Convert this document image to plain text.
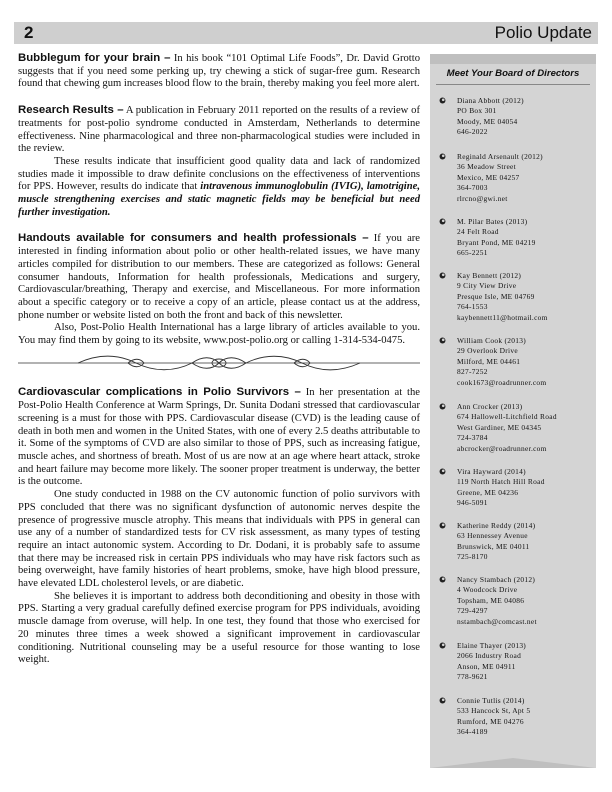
2	Polio Update

Bubblegum for your brain – In his book “101 Optimal Life Foods”, Dr. David Grotto suggests that if you need some perking up, try chewing a stick of sugar-free gum. Research found that chewing gum increases blood flow to the brain, thereby making you feel more alert.

Research Results – A publication in February 2011 reported on the results of a review of treatments for post-polio syndrome conducted in Amsterdam, Netherlands to determine effectiveness. Nine pharmacological and three non-pharmacological studies were included in the review.

These results indicate that insufficient good quality data and lack of randomized studies made it impossible to draw definite conclusions on the effectiveness of interventions for PPS. However, results do indicate that intravenous immunoglobulin (IVIG), lamotrigine, muscle strengthening exercises and static magnetic fields may be beneficial but need further investigation.

Handouts available for consumers and health professionals – If you are interested in finding information about polio or other health-related issues, we have many articles compiled for distribution to our members. These are categorized as follows: General consumer handouts, Information for health professionals, Medications and surgery, Cardiovascular/breathing, Therapy and exercise, and Miscellaneous. For more information about a specific category or to receive a copy of an article, please contact us at the address, phone number or website listed on both the front and back of this newsletter.

Also, Post-Polio Health International has a large library of articles available to you. You may find them by going to its website, www.post-polio.org or calling 1-314-534-0475.

Cardiovascular complications in Polio Survivors – In her presentation at the Post-Polio Health Conference at Warm Springs, Dr. Sunita Dodani stressed that cardiovascular screening is a must for those with PPS. Cardiovascular disease (CVD) is the leading cause of death in both men and women in the United States, with one of every 2.5 deaths attributable to it. Some of the symptoms of CVD are also similar to those of PPS, such as increasing fatigue, muscle aches, and shortness of breath. Most of us are now at an age where heart attack, stroke and heart failure may become more likely. The sooner proper treatment is underway, the better is the outcome.

One study conducted in 1988 on the CV autonomic function of polio survivors with PPS concluded that there was no significant dysfunction of autonomic nerves despite the presence of progressive muscle atrophy. This means that individuals with PPS in general can use any of a number of standardized tests for CV risk assessment, as many types of testing require an intact autonomic system. According to Dr. Dodani, it is probably safe to assume that there may be increased risk in certain PPS individuals who may have risk factors such as being overweight, have family histories of heart problems, smoke, have high blood pressure, have elevated LDL cholesterol levels, or are diabetic.

She believes it is important to address both deconditioning and obesity in those with PPS. Starting a very gradual carefully defined exercise program for PPS individuals, avoiding muscle damage from overuse, will help. In one test, they found that those who exercised for 20 minutes three times a week showed a significant improvement in cardiovascular conditioning. Nutritional counseling may be a useful resource for those wanting to lose weight.

Meet Your Board of Directors
Diana Abbott (2012)
PO Box 301
Moody, ME 04054
646-2022
Reginald Arsenault (2012)
36 Meadow Street
Mexico, ME 04257
364-7003
rlrcno@gwi.net
M. Pilar Bates (2013)
24 Felt Road
Bryant Pond, ME 04219
665-2251
Kay Bennett (2012)
9 City View Drive
Presque Isle, ME 04769
764-1553
kaybennett11@hotmail.com
William Cook (2013)
29 Overlook Drive
Milford, ME 04461
827-7252
cook1673@roadrunner.com
Ann Crocker (2013)
674 Hallowell-Litchfield Road
West Gardiner, ME 04345
724-3784
abcrocker@roadrunner.com
Vira Hayward (2014)
119 North Hatch Hill Road
Greene, ME 04236
946-5091
Katherine Reddy (2014)
63 Hennessey Avenue
Brunswick, ME 04011
725-8170
Nancy Stambach (2012)
4 Woodcock Drive
Topsham, ME 04086
729-4297
nstambach@comcast.net
Elaine Thayer (2013)
2066 Industry Road
Anson, ME 04911
778-9621
Connie Tutlis (2014)
533 Hancock St, Apt 5
Rumford, ME 04276
364-4189
